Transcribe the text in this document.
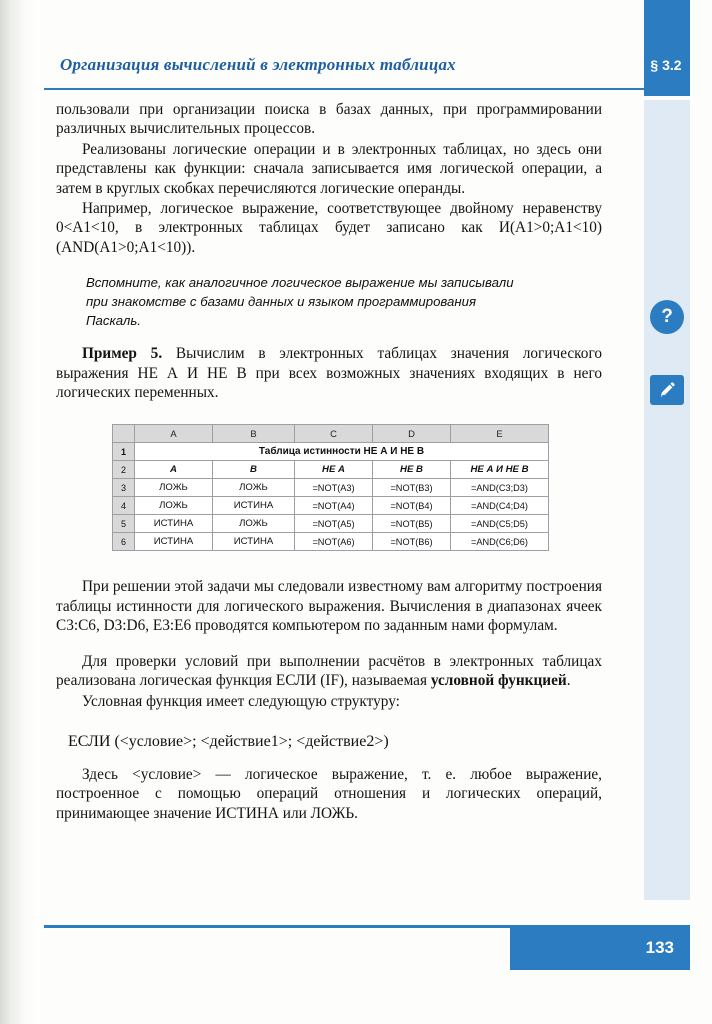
Организация вычислений в электронных таблицах	§ 3.2
?

пользовали при организации поиска в базах данных, при программировании различных вычислительных процессов.

Реализованы логические операции и в электронных таблицах, но здесь они представлены как функции: сначала записывается имя логической операции, а затем в круглых скобках перечисляются логические операнды.

Например, логическое выражение, соответствующее двойному неравенству 0<A1<10, в электронных таблицах будет записано как И(A1>0;A1<10) (AND(A1>0;A1<10)).

Вспомните, как аналогичное логическое выражение мы записывали при знакомстве с базами данных и языком программирования Паскаль.

Пример 5. Вычислим в электронных таблицах значения логического выражения НЕ А И НЕ В при всех возможных значениях входящих в него логических переменных.

	A	B	C	D	E
1	Таблица истинности НЕ А И НЕ В				
2	А	В	НЕ А	НЕ В	НЕ А И НЕ В
3	ЛОЖЬ	ЛОЖЬ	=NOT(A3)	=NOT(B3)	=AND(C3;D3)
4	ЛОЖЬ	ИСТИНА	=NOT(A4)	=NOT(B4)	=AND(C4;D4)
5	ИСТИНА	ЛОЖЬ	=NOT(A5)	=NOT(B5)	=AND(C5;D5)
6	ИСТИНА	ИСТИНА	=NOT(A6)	=NOT(B6)	=AND(C6;D6)

При решении этой задачи мы следовали известному вам алгоритму построения таблицы истинности для логического выражения. Вычисления в диапазонах ячеек C3:C6, D3:D6, E3:E6 проводятся компьютером по заданным нами формулам.

Для проверки условий при выполнении расчётов в электронных таблицах реализована логическая функция ЕСЛИ (IF), называемая условной функцией.

Условная функция имеет следующую структуру:

ЕСЛИ (<условие>; <действие1>; <действие2>)

Здесь <условие> — логическое выражение, т. е. любое выражение, построенное с помощью операций отношения и логических операций, принимающее значение ИСТИНА или ЛОЖЬ.

133
